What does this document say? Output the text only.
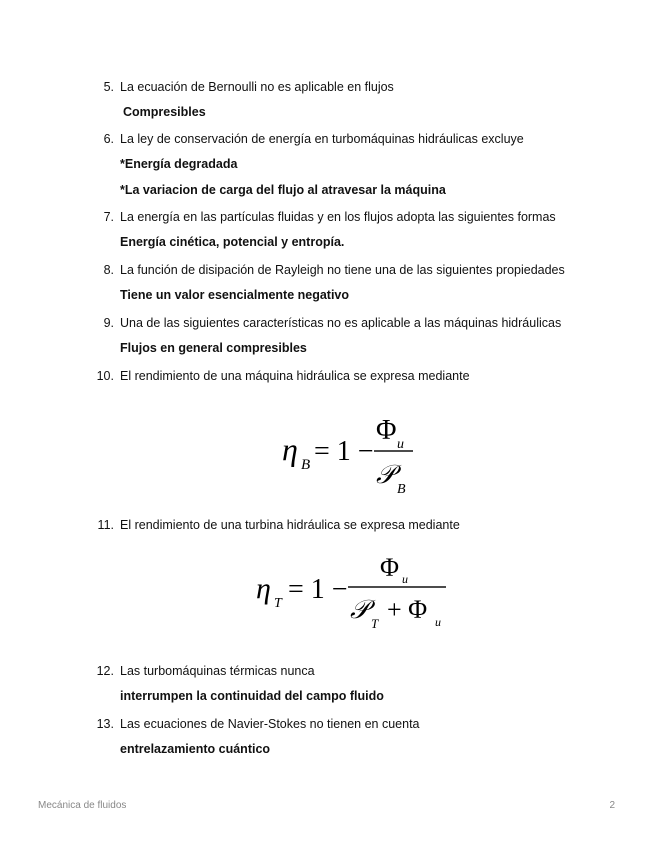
5. La ecuación de Bernoulli no es aplicable en flujos
Compresibles
6. La ley de conservación de energía en turbomáquinas hidráulicas excluye
*Energía degradada
*La variacion de carga del flujo al atravesar la máquina
7. La energía en las partículas fluidas y en los flujos adopta las siguientes formas
Energía cinética, potencial y entropía.
8. La función de disipación de Rayleigh no tiene una de las siguientes propiedades
Tiene un valor esencialmente negativo
9. Una de las siguientes características no es aplicable a las máquinas hidráulicas
Flujos en general compresibles
10. El rendimiento de una máquina hidráulica se expresa mediante
η B = 1 −
Φ u
𝒫
B
11. El rendimiento de una turbina hidráulica se expresa mediante
η T = 1 −
Φ u
𝒫 T + Φ u
12. Las turbomáquinas térmicas nunca
interrumpen la continuidad del campo fluido
13. Las ecuaciones de Navier-Stokes no tienen en cuenta
entrelazamiento cuántico
Mecánica de fluidos	2
